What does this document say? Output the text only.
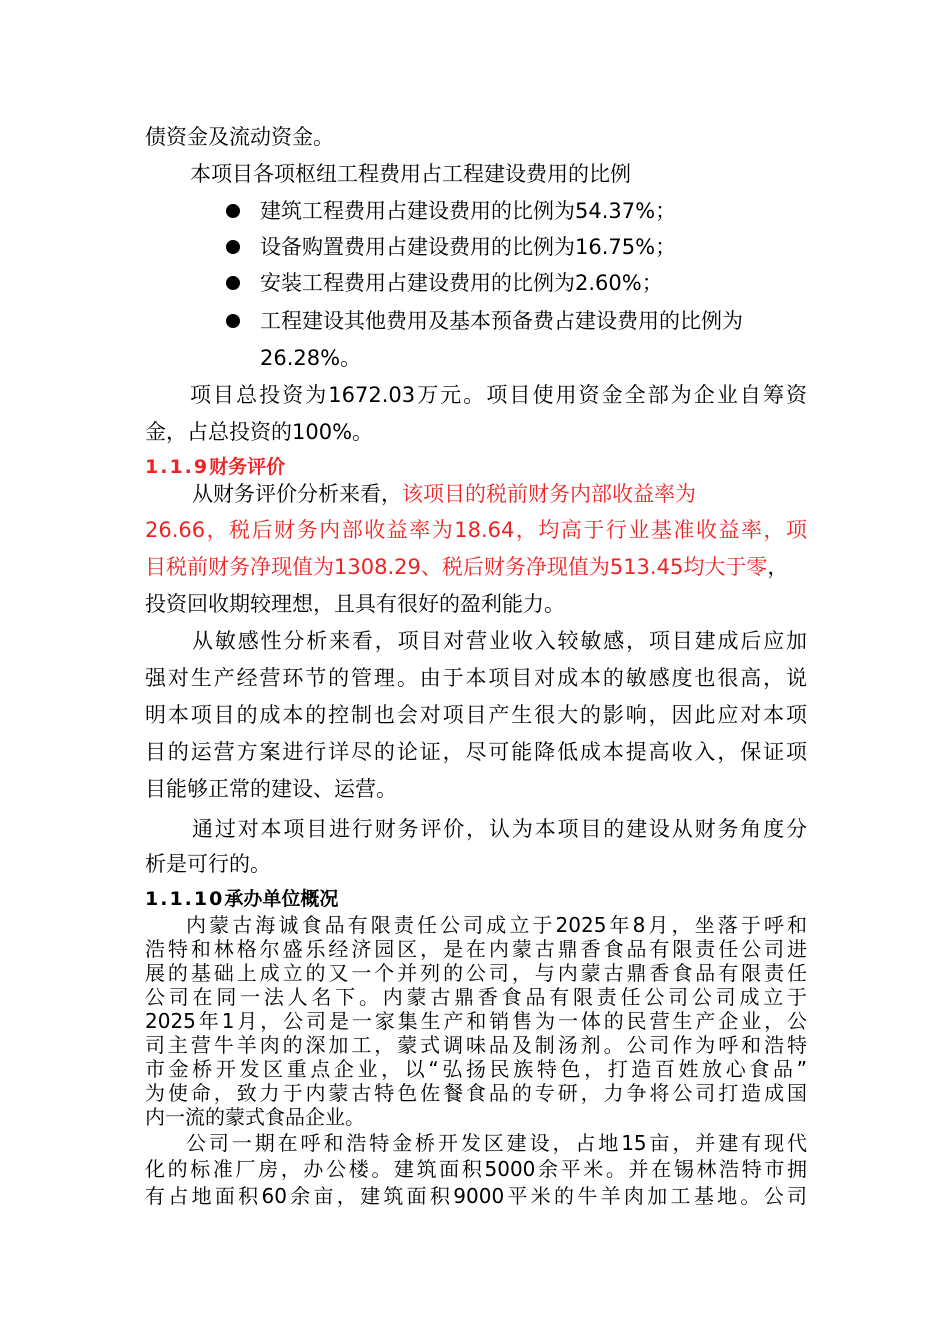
债资金及流动资金。
本项目各项枢纽工程费用占工程建设费用的比例
建筑工程费用占建设费用的比例为54.37%；
设备购置费用占建设费用的比例为16.75%；
安装工程费用占建设费用的比例为2.60%；
工程建设其他费用及基本预备费占建设费用的比例为
26.28%。
项目总投资为1672.03万元。项目使用资金全部为企业自筹资
金，占总投资的100%。
1.1.9财务评价
从财务评价分析来看，该项目的税前财务内部收益率为
26.66，税后财务内部收益率为18.64，均高于行业基准收益率，项
目税前财务净现值为1308.29、税后财务净现值为513.45均大于零，
投资回收期较理想，且具有很好的盈利能力。
从敏感性分析来看，项目对营业收入较敏感，项目建成后应加
强对生产经营环节的管理。由于本项目对成本的敏感度也很高，说
明本项目的成本的控制也会对项目产生很大的影响，因此应对本项
目的运营方案进行详尽的论证，尽可能降低成本提高收入，保证项
目能够正常的建设、运营。
通过对本项目进行财务评价，认为本项目的建设从财务角度分
析是可行的。
1.1.10承办单位概况
内蒙古海诚食品有限责任公司成立于2025年8月，坐落于呼和
浩特和林格尔盛乐经济园区，是在内蒙古鼎香食品有限责任公司进
展的基础上成立的又一个并列的公司，与内蒙古鼎香食品有限责任
公司在同一法人名下。内蒙古鼎香食品有限责任公司公司成立于
2025年1月，公司是一家集生产和销售为一体的民营生产企业，公
司主营牛羊肉的深加工，蒙式调味品及制汤剂。公司作为呼和浩特
市金桥开发区重点企业，以“弘扬民族特色，打造百姓放心食品”
为使命，致力于内蒙古特色佐餐食品的专研，力争将公司打造成国
内一流的蒙式食品企业。
公司一期在呼和浩特金桥开发区建设，占地15亩，并建有现代
化的标准厂房，办公楼。建筑面积5000余平米。并在锡林浩特市拥
有占地面积60余亩，建筑面积9000平米的牛羊肉加工基地。公司
